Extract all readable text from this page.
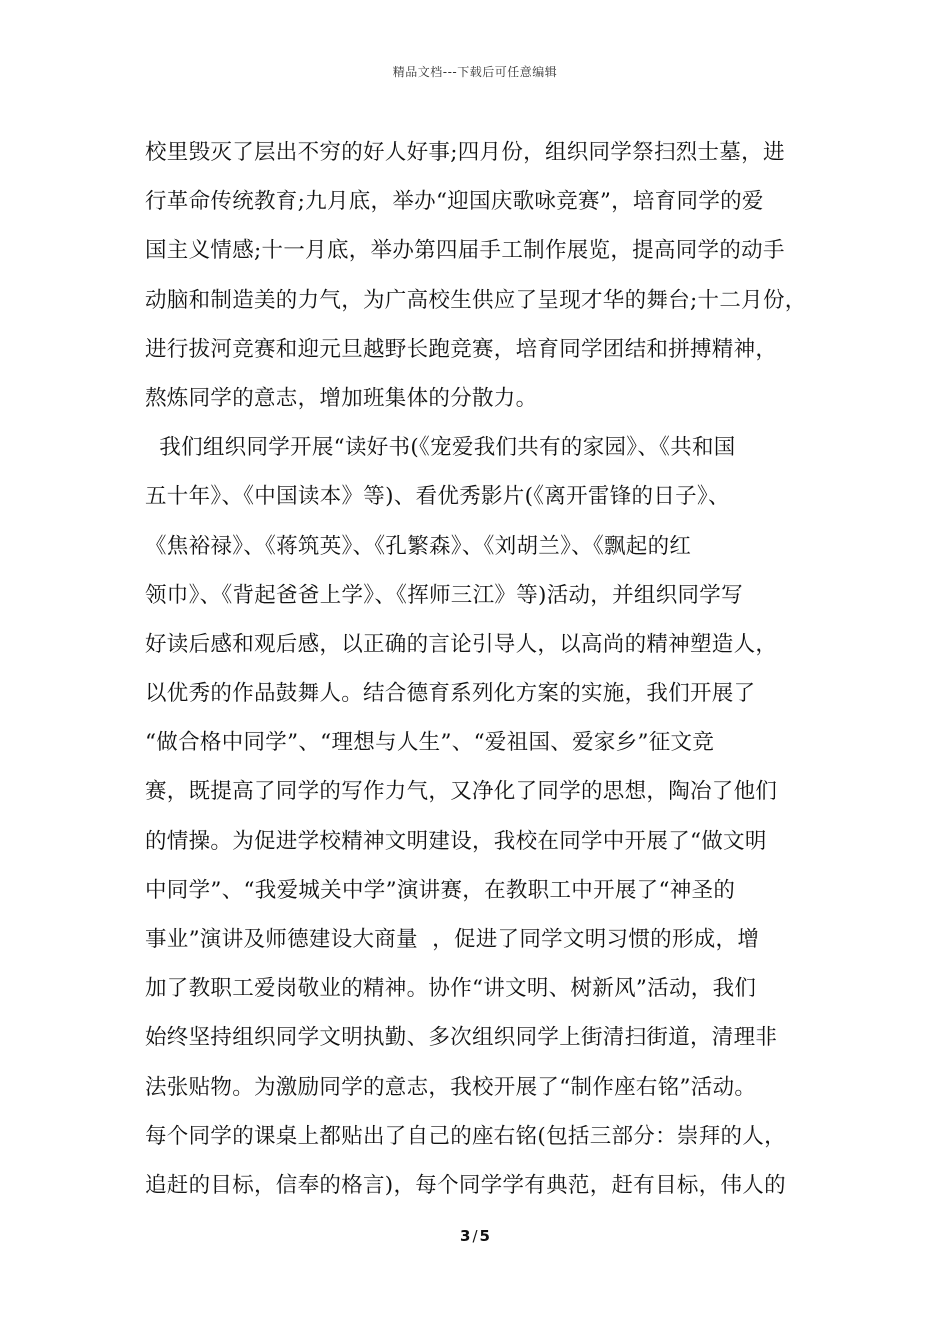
精品文档---下载后可任意编辑
校里毁灭了层出不穷的好人好事;四月份，组织同学祭扫烈士墓，进
行革命传统教育;九月底，举办“迎国庆歌咏竞赛”，培育同学的爱
国主义情感;十一月底，举办第四届手工制作展览，提高同学的动手
动脑和制造美的力气，为广高校生供应了呈现才华的舞台;十二月份，
进行拔河竞赛和迎元旦越野长跑竞赛，培育同学团结和拼搏精神，
熬炼同学的意志，增加班集体的分散力。
我们组织同学开展“读好书(《宠爱我们共有的家园》、《共和国
五十年》、《中国读本》等)、看优秀影片(《离开雷锋的日子》、
《焦裕禄》、《蒋筑英》、《孔繁森》、《刘胡兰》、《飘起的红
领巾》、《背起爸爸上学》、《挥师三江》等)活动，并组织同学写
好读后感和观后感，以正确的言论引导人，以高尚的精神塑造人，
以优秀的作品鼓舞人。结合德育系列化方案的实施，我们开展了
“做合格中同学”、“理想与人生”、“爱祖国、爱家乡”征文竞
赛，既提高了同学的写作力气，又净化了同学的思想，陶冶了他们
的情操。为促进学校精神文明建设，我校在同学中开展了“做文明
中同学”、“我爱城关中学”演讲赛，在教职工中开展了“神圣的
事业”演讲及师德建设大商量  ，促进了同学文明习惯的形成，增
加了教职工爱岗敬业的精神。协作“讲文明、树新风”活动，我们
始终坚持组织同学文明执勤、多次组织同学上街清扫街道，清理非
法张贴物。为激励同学的意志，我校开展了“制作座右铭”活动。
每个同学的课桌上都贴出了自己的座右铭(包括三部分：崇拜的人，
追赶的目标，信奉的格言)，每个同学学有典范，赶有目标，伟人的
3 / 5
